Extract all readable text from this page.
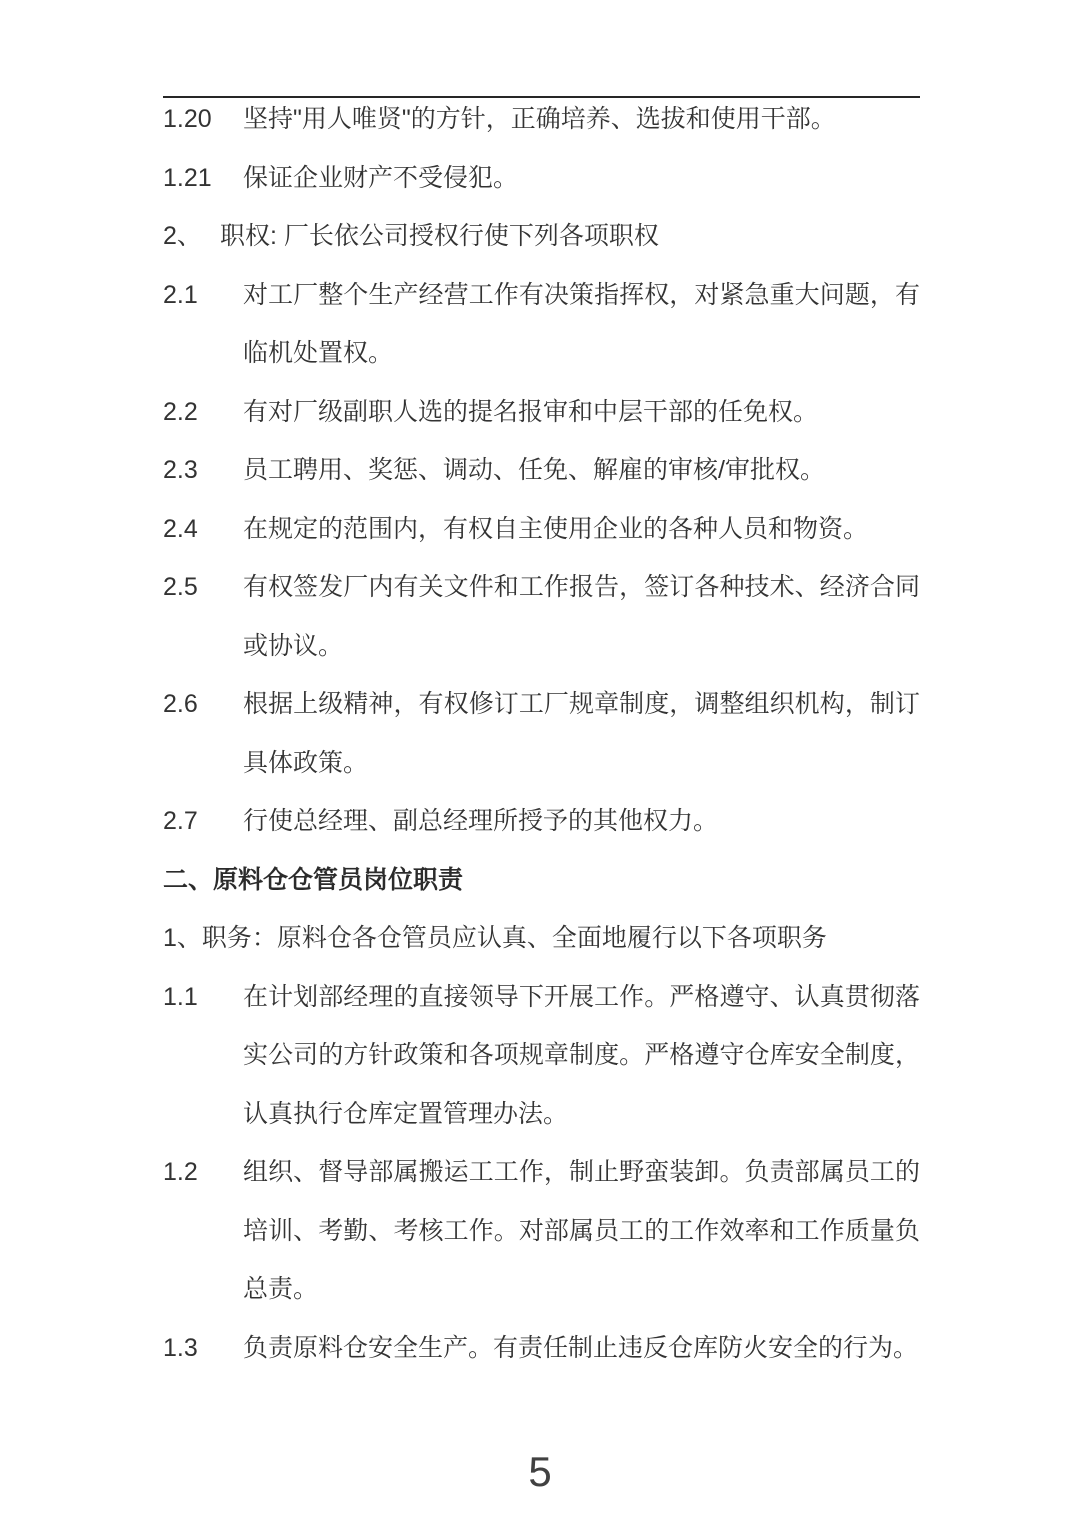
1.20	坚持"用人唯贤"的方针，正确培养、选拔和使用干部。
1.21	保证企业财产不受侵犯。
2、 职权: 厂长依公司授权行使下列各项职权
2.1	对工厂整个生产经营工作有决策指挥权，对紧急重大问题，有临机处置权。
2.2	有对厂级副职人选的提名报审和中层干部的任免权。
2.3	员工聘用、奖惩、调动、任免、解雇的审核/审批权。
2.4	在规定的范围内，有权自主使用企业的各种人员和物资。
2.5	有权签发厂内有关文件和工作报告，签订各种技术、经济合同或协议。
2.6	根据上级精神，有权修订工厂规章制度，调整组织机构，制订具体政策。
2.7	行使总经理、副总经理所授予的其他权力。
二、原料仓仓管员岗位职责
1、职务：原料仓各仓管员应认真、全面地履行以下各项职务
1.1	在计划部经理的直接领导下开展工作。严格遵守、认真贯彻落实公司的方针政策和各项规章制度。严格遵守仓库安全制度，认真执行仓库定置管理办法。
1.2	组织、督导部属搬运工工作，制止野蛮装卸。负责部属员工的培训、考勤、考核工作。对部属员工的工作效率和工作质量负总责。
1.3	负责原料仓安全生产。有责任制止违反仓库防火安全的行为。
5
